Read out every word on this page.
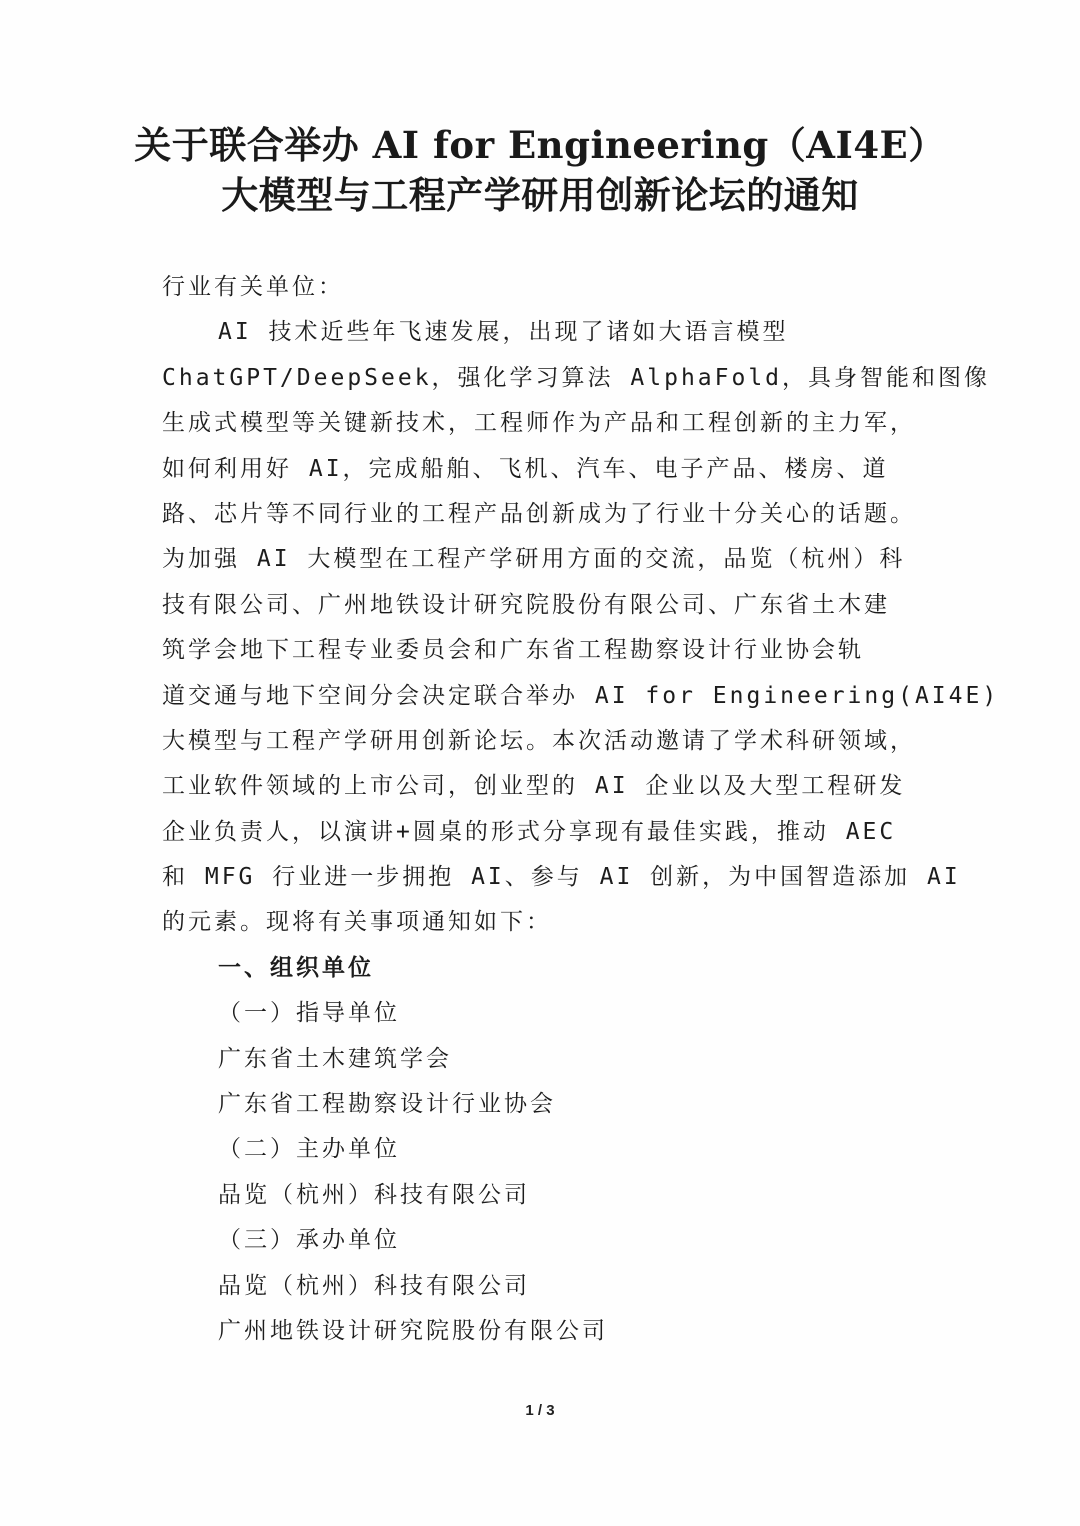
关于联合举办 AI for Engineering（AI4E）
大模型与工程产学研用创新论坛的通知
行业有关单位：
AI 技术近些年飞速发展，出现了诸如大语言模型
ChatGPT/DeepSeek，强化学习算法 AlphaFold，具身智能和图像
生成式模型等关键新技术，工程师作为产品和工程创新的主力军，
如何利用好 AI，完成船舶、飞机、汽车、电子产品、楼房、道
路、芯片等不同行业的工程产品创新成为了行业十分关心的话题。
为加强 AI 大模型在工程产学研用方面的交流，品览（杭州）科
技有限公司、广州地铁设计研究院股份有限公司、广东省土木建
筑学会地下工程专业委员会和广东省工程勘察设计行业协会轨
道交通与地下空间分会决定联合举办 AI for Engineering(AI4E)
大模型与工程产学研用创新论坛。本次活动邀请了学术科研领域，
工业软件领域的上市公司，创业型的 AI 企业以及大型工程研发
企业负责人，以演讲+圆桌的形式分享现有最佳实践，推动 AEC
和 MFG 行业进一步拥抱 AI、参与 AI 创新，为中国智造添加 AI
的元素。现将有关事项通知如下：
一、组织单位
（一）指导单位
广东省土木建筑学会
广东省工程勘察设计行业协会
（二）主办单位
品览（杭州）科技有限公司
（三）承办单位
品览（杭州）科技有限公司
广州地铁设计研究院股份有限公司
1 / 3
